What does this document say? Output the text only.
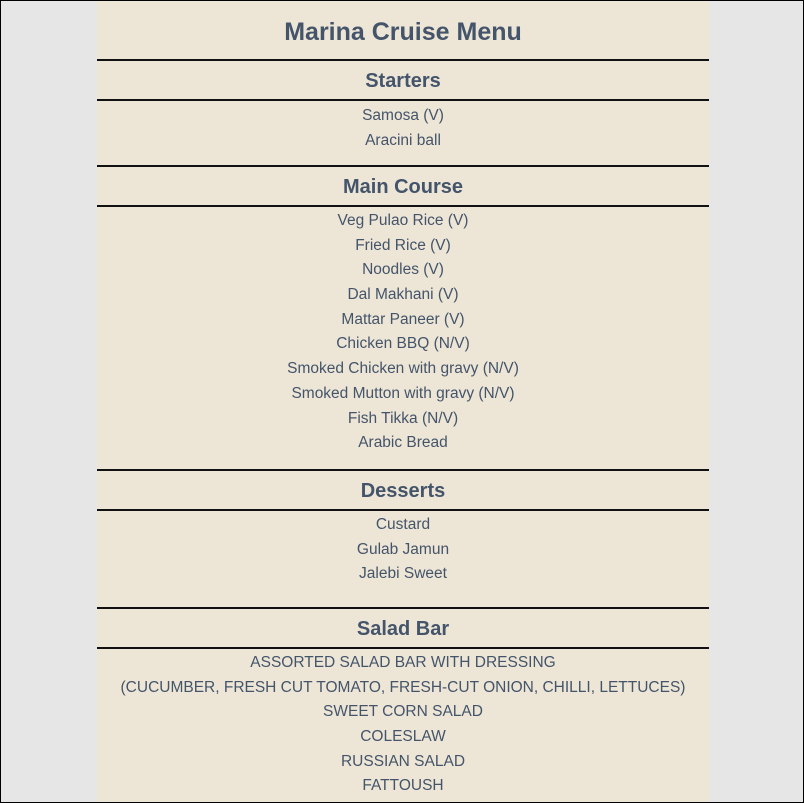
Marina Cruise Menu
Starters
Samosa (V)
Aracini ball
Main Course
Veg Pulao Rice (V)
Fried Rice (V)
Noodles (V)
Dal Makhani (V)
Mattar Paneer (V)
Chicken BBQ (N/V)
Smoked Chicken with gravy (N/V)
Smoked Mutton with gravy (N/V)
Fish Tikka (N/V)
Arabic Bread
Desserts
Custard
Gulab Jamun
Jalebi Sweet
Salad Bar
ASSORTED SALAD BAR WITH DRESSING
(CUCUMBER, FRESH CUT TOMATO, FRESH-CUT ONION, CHILLI, LETTUCES)
SWEET CORN SALAD
COLESLAW
RUSSIAN SALAD
FATTOUSH
